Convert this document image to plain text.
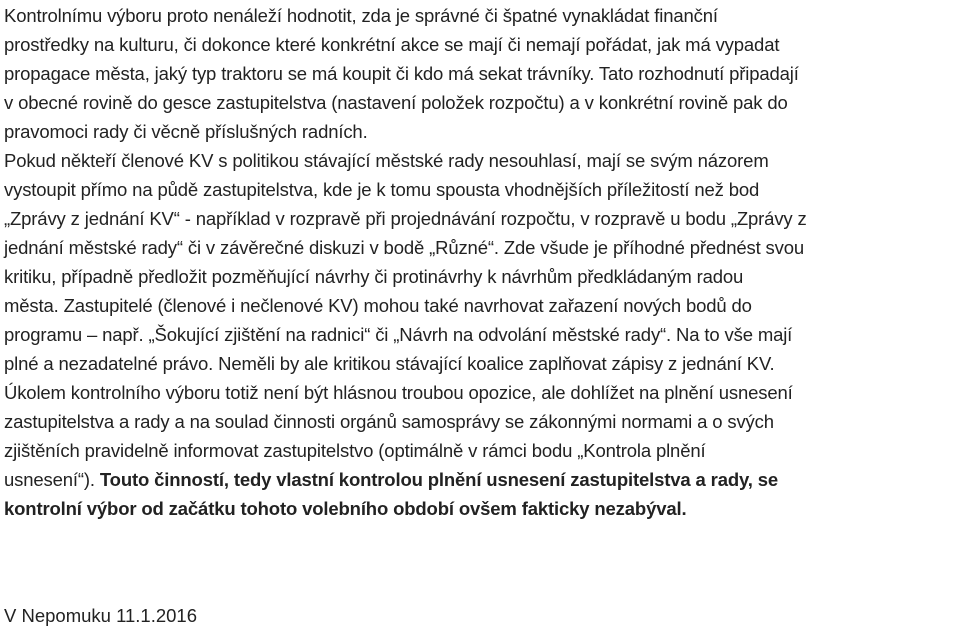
Kontrolnímu výboru proto nenáleží hodnotit, zda je správné či špatné vynakládat finanční
prostředky na kulturu, či dokonce které konkrétní akce se mají či nemají pořádat, jak má vypadat
propagace města, jaký typ traktoru se má koupit či kdo má sekat trávníky. Tato rozhodnutí připadají
v obecné rovině do gesce zastupitelstva (nastavení položek rozpočtu) a v konkrétní rovině pak do
pravomoci rady či věcně příslušných radních.
Pokud někteří členové KV s politikou stávající městské rady nesouhlasí, mají se svým názorem
vystoupit přímo na půdě zastupitelstva, kde je k tomu spousta vhodnějších příležitostí než bod
„Zprávy z jednání KV“ - například v rozpravě při projednávání rozpočtu, v rozpravě u bodu „Zprávy z
jednání městské rady“ či v závěrečné diskuzi v bodě „Různé“. Zde všude je příhodné přednést svou
kritiku, případně předložit pozměňující návrhy či protinávrhy k návrhům předkládaným radou
města. Zastupitelé (členové i nečlenové KV) mohou také navrhovat zařazení nových bodů do
programu – např. „Šokující zjištění na radnici“ či „Návrh na odvolání městské rady“. Na to vše mají
plné a nezadatelné právo. Neměli by ale kritikou stávající koalice zaplňovat zápisy z jednání KV.
Úkolem kontrolního výboru totiž není být hlásnou troubou opozice, ale dohlížet na plnění usnesení
zastupitelstva a rady a na soulad činnosti orgánů samosprávy se zákonnými normami a o svých
zjištěních pravidelně informovat zastupitelstvo (optimálně v rámci bodu „Kontrola plnění
usnesení“). Touto činností, tedy vlastní kontrolou plnění usnesení zastupitelstva a rady, se
kontrolní výbor od začátku tohoto volebního období ovšem fakticky nezabýval.
V Nepomuku 11.1.2016
